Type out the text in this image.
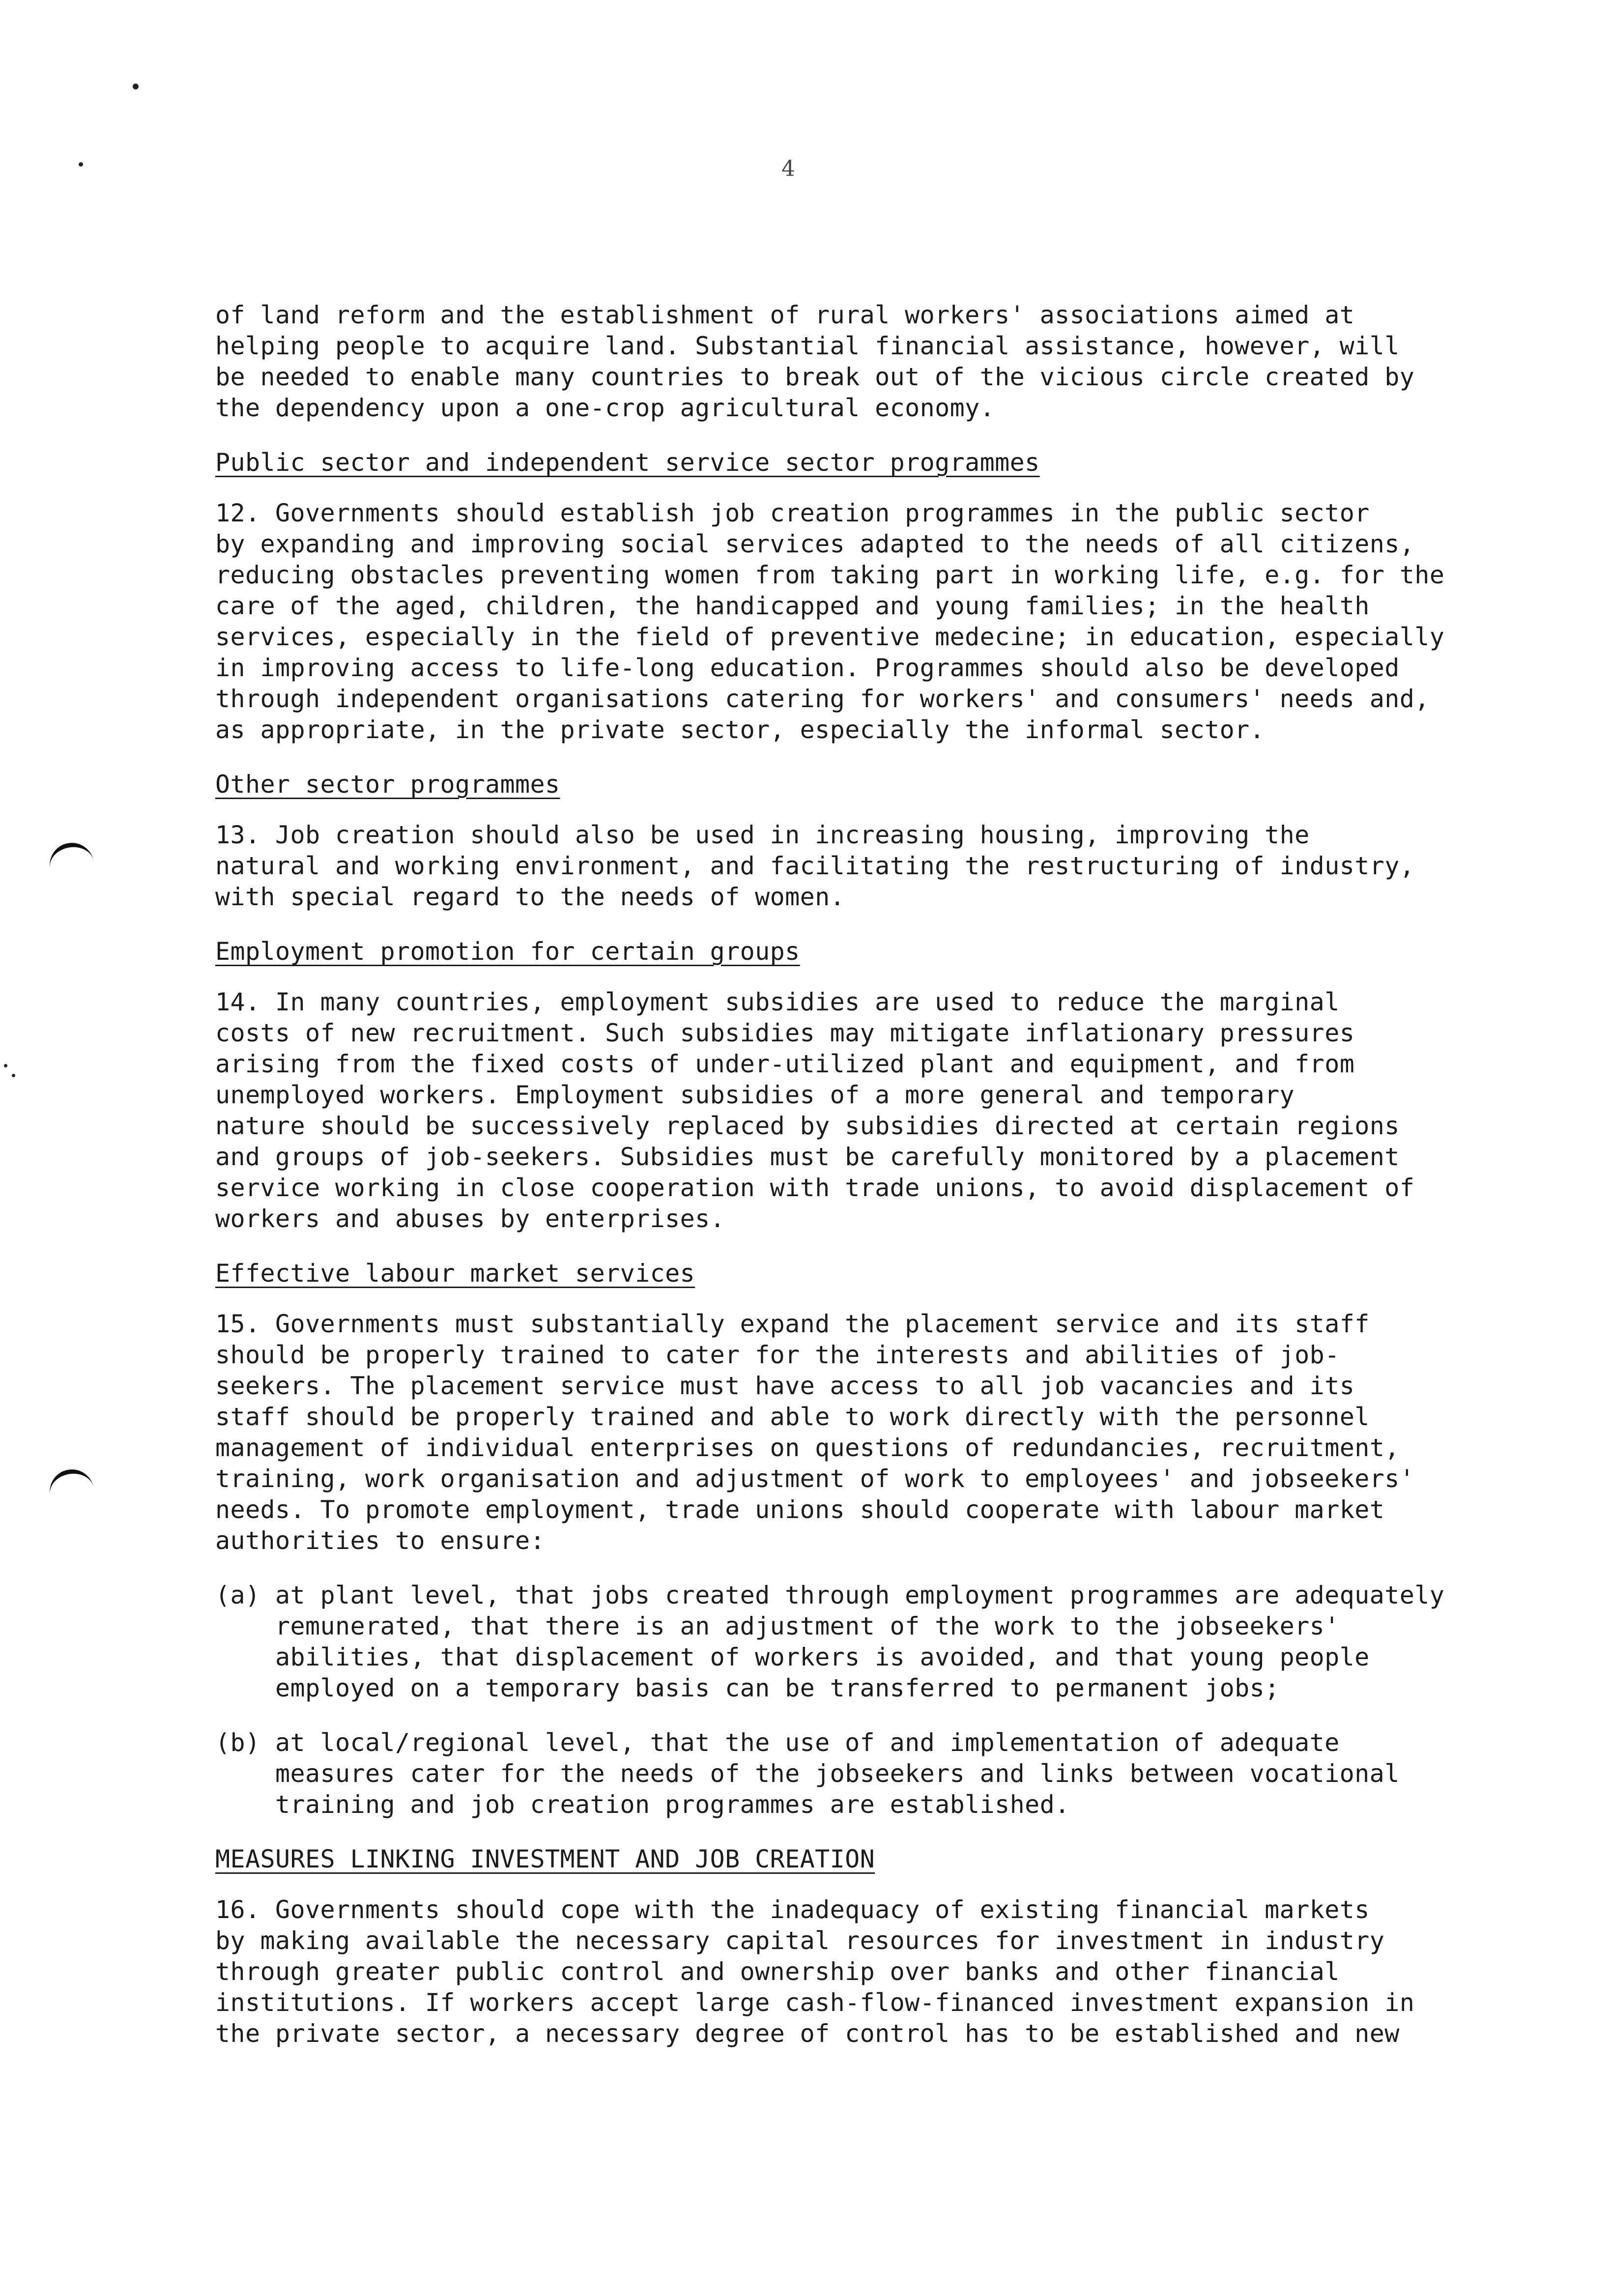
4

of land reform and the establishment of rural workers' associations aimed at
helping people to acquire land. Substantial financial assistance, however, will
be needed to enable many countries to break out of the vicious circle created by
the dependency upon a one-crop agricultural economy.

Public sector and independent service sector programmes

12. Governments should establish job creation programmes in the public sector
by expanding and improving social services adapted to the needs of all citizens,
reducing obstacles preventing women from taking part in working life, e.g. for the
care of the aged, children, the handicapped and young families; in the health
services, especially in the field of preventive medecine; in education, especially
in improving access to life-long education. Programmes should also be developed
through independent organisations catering for workers' and consumers' needs and,
as appropriate, in the private sector, especially the informal sector.

Other sector programmes

13. Job creation should also be used in increasing housing, improving the
natural and working environment, and facilitating the restructuring of industry,
with special regard to the needs of women.

Employment promotion for certain groups

14. In many countries, employment subsidies are used to reduce the marginal
costs of new recruitment. Such subsidies may mitigate inflationary pressures
arising from the fixed costs of under-utilized plant and equipment, and from
unemployed workers. Employment subsidies of a more general and temporary
nature should be successively replaced by subsidies directed at certain regions
and groups of job-seekers. Subsidies must be carefully monitored by a placement
service working in close cooperation with trade unions, to avoid displacement of
workers and abuses by enterprises.

Effective labour market services

15. Governments must substantially expand the placement service and its staff
should be properly trained to cater for the interests and abilities of job-
seekers. The placement service must have access to all job vacancies and its
staff should be properly trained and able to work directly with the personnel
management of individual enterprises on questions of redundancies, recruitment,
training, work organisation and adjustment of work to employees' and jobseekers'
needs. To promote employment, trade unions should cooperate with labour market
authorities to ensure:

(a) at plant level, that jobs created through employment programmes are adequately
remunerated, that there is an adjustment of the work to the jobseekers'
abilities, that displacement of workers is avoided, and that young people
employed on a temporary basis can be transferred to permanent jobs;

(b) at local/regional level, that the use of and implementation of adequate
measures cater for the needs of the jobseekers and links between vocational
training and job creation programmes are established.

MEASURES LINKING INVESTMENT AND JOB CREATION

16. Governments should cope with the inadequacy of existing financial markets
by making available the necessary capital resources for investment in industry
through greater public control and ownership over banks and other financial
institutions. If workers accept large cash-flow-financed investment expansion in
the private sector, a necessary degree of control has to be established and new
